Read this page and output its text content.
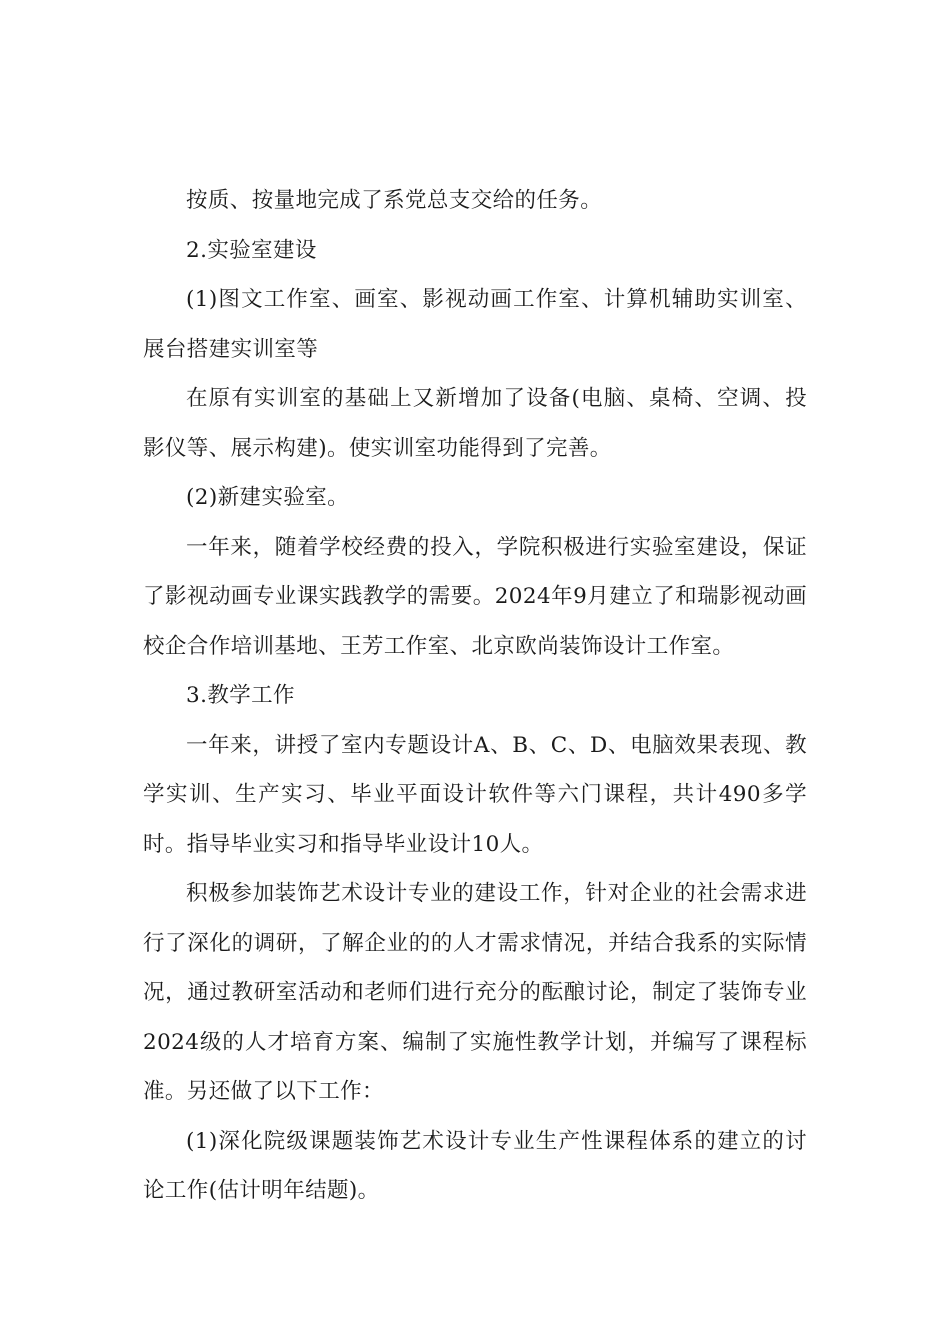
按质、按量地完成了系党总支交给的任务。

2.实验室建设

(1)图文工作室、画室、影视动画工作室、计算机辅助实训室、展台搭建实训室等

在原有实训室的基础上又新增加了设备(电脑、桌椅、空调、投影仪等、展示构建)。使实训室功能得到了完善。

(2)新建实验室。

一年来，随着学校经费的投入，学院积极进行实验室建设，保证了影视动画专业课实践教学的需要。2024年9月建立了和瑞影视动画校企合作培训基地、王芳工作室、北京欧尚装饰设计工作室。

3.教学工作

一年来，讲授了室内专题设计A、B、C、D、电脑效果表现、教学实训、生产实习、毕业平面设计软件等六门课程，共计490多学时。指导毕业实习和指导毕业设计10人。

积极参加装饰艺术设计专业的建设工作，针对企业的社会需求进行了深化的调研，了解企业的的人才需求情况，并结合我系的实际情况，通过教研室活动和老师们进行充分的酝酿讨论，制定了装饰专业2024级的人才培育方案、编制了实施性教学计划，并编写了课程标准。另还做了以下工作：

(1)深化院级课题装饰艺术设计专业生产性课程体系的建立的讨论工作(估计明年结题)。
